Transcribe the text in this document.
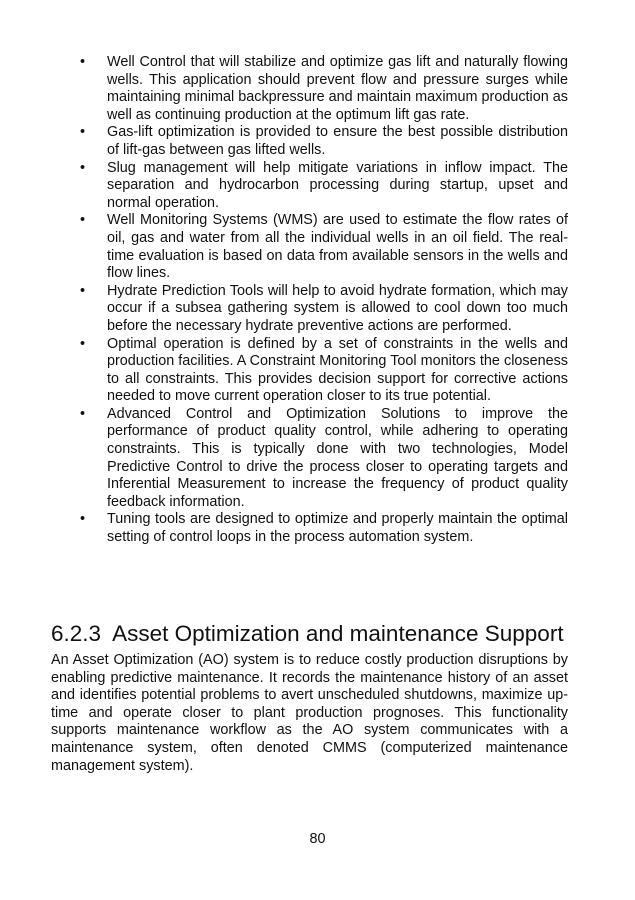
•	Well Control that will stabilize and optimize gas lift and naturally flowing wells. This application should prevent flow and pressure surges while maintaining minimal backpressure and maintain maximum production as well as continuing production at the optimum lift gas rate.
•	Gas-lift optimization is provided to ensure the best possible distribution of lift-gas between gas lifted wells.
•	Slug management will help mitigate variations in inflow impact. The separation and hydrocarbon processing during startup, upset and normal operation.
•	Well Monitoring Systems (WMS) are used to estimate the flow rates of oil, gas and water from all the individual wells in an oil field. The real-time evaluation is based on data from available sensors in the wells and flow lines.
•	Hydrate Prediction Tools will help to avoid hydrate formation, which may occur if a subsea gathering system is allowed to cool down too much before the necessary hydrate preventive actions are performed.
•	Optimal operation is defined by a set of constraints in the wells and production facilities. A Constraint Monitoring Tool monitors the closeness to all constraints. This provides decision support for corrective actions needed to move current operation closer to its true potential.
•	Advanced Control and Optimization Solutions to improve the performance of product quality control, while adhering to operating constraints. This is typically done with two technologies, Model Predictive Control to drive the process closer to operating targets and Inferential Measurement to increase the frequency of product quality feedback information.
•	Tuning tools are designed to optimize and properly maintain the optimal setting of control loops in the process automation system.
6.2.3 Asset Optimization and maintenance Support

An Asset Optimization (AO) system is to reduce costly production disruptions by enabling predictive maintenance. It records the maintenance history of an asset and identifies potential problems to avert unscheduled shutdowns, maximize up-time and operate closer to plant production prognoses. This functionality supports maintenance workflow as the AO system communicates with a maintenance system, often denoted CMMS (computerized maintenance management system).

80
